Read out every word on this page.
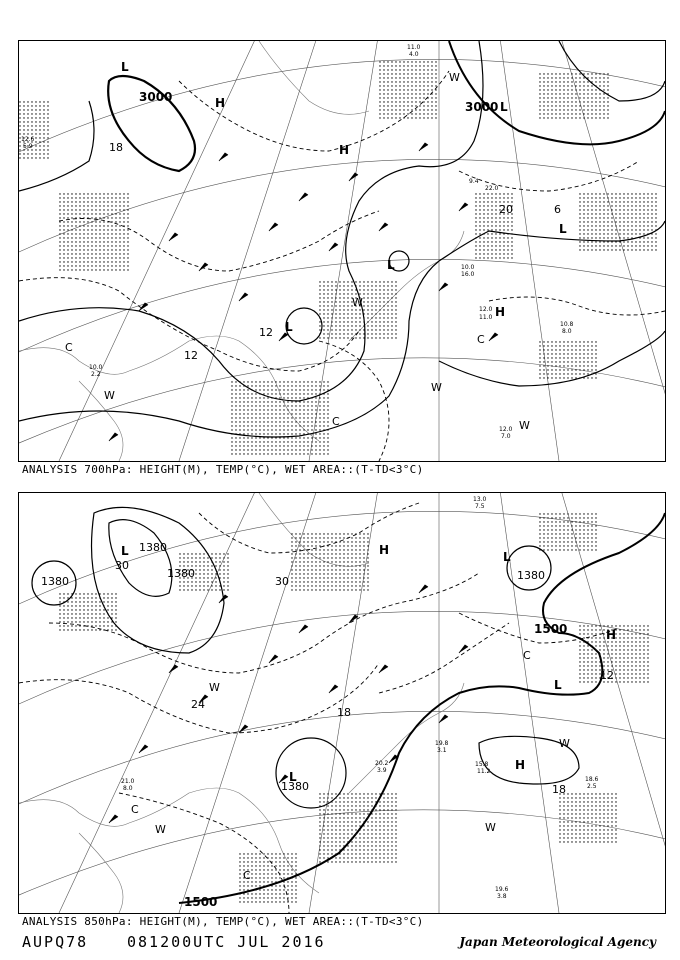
3000
3000
18
12
12
6
20
L
L
L
L
L
H
H
H
W
W
W
W
W
C
C
C
11.0
4.0
12.0
7.0
10.0
16.0
9.4
22.0
12.0
11.0
10.8
8.0
12.6
5.9
10.0
2.2
ANALYSIS 700hPa: HEIGHT(M), TEMP(°C), WET AREA::(T-TD<3°C)
1380
1380
1380
1380
1500
1500
30
30
24
18
18
12
1380
L	L
L
L
H
H
H
W
W
W
W
C
C
C
19.6
3.8
20.2
3.9
19.8
3.1
15.8
11.2
13.0
7.5
21.0
8.0
18.6
2.5
ANALYSIS 850hPa: HEIGHT(M), TEMP(°C), WET AREA::(T-TD<3°C)
AUPQ78	081200UTC JUL 2016	Japan Meteorological Agency
